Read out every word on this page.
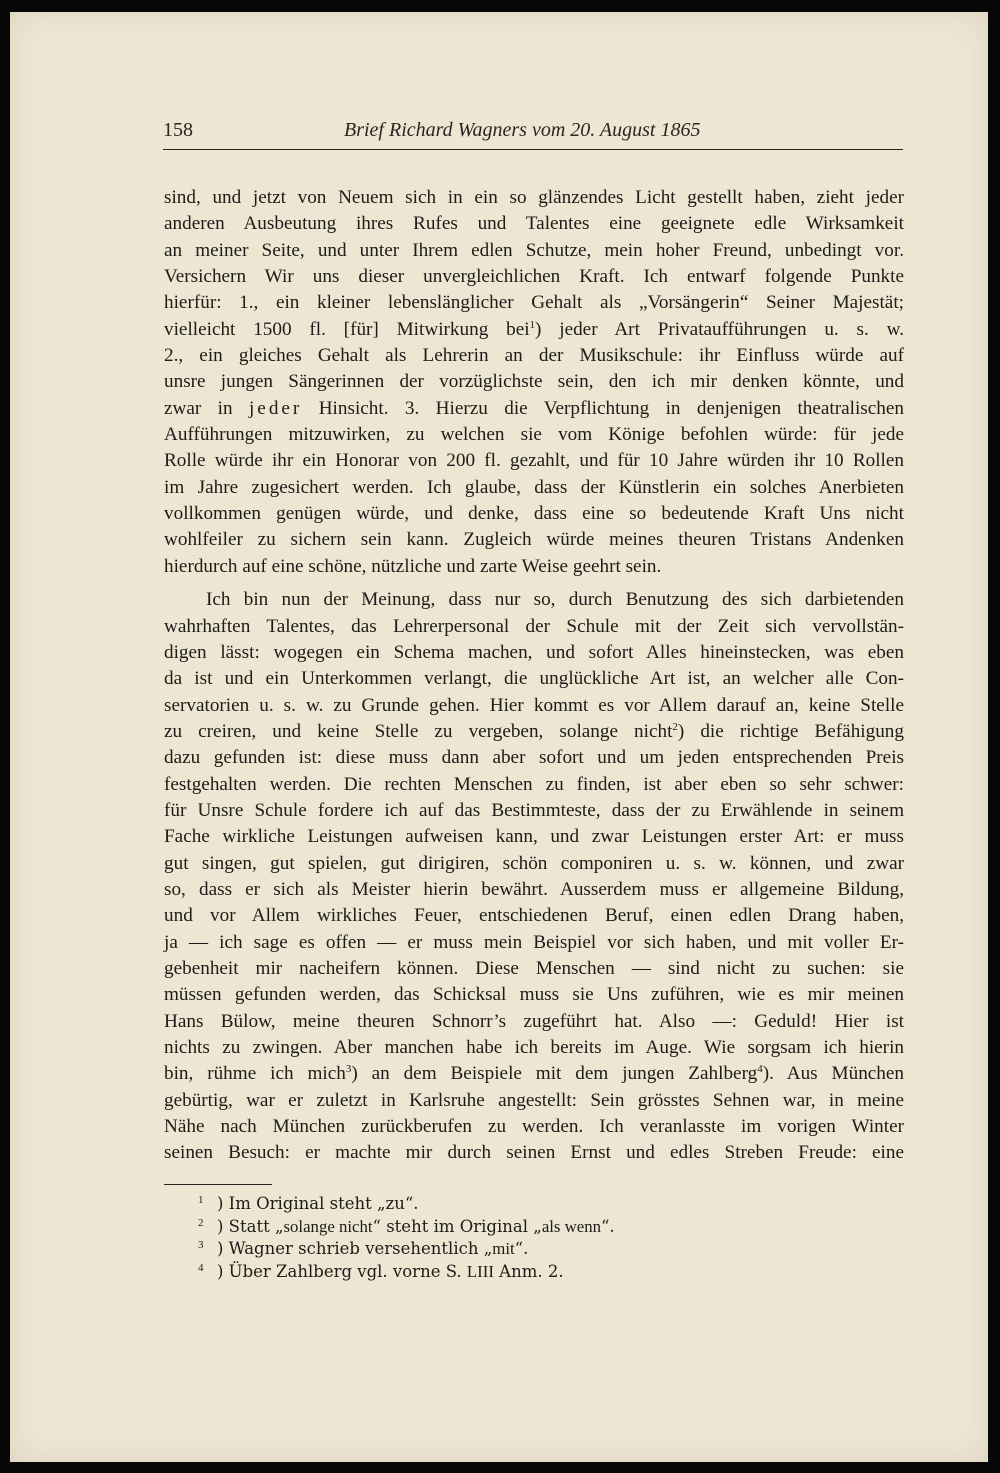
158	Brief Richard Wagners vom 20. August 1865
sind, und jetzt von Neuem sich in ein so glänzendes Licht gestellt haben, zieht jeder
anderen Ausbeutung ihres Rufes und Talentes eine geeignete edle Wirksamkeit
an meiner Seite, und unter Ihrem edlen Schutze, mein hoher Freund, unbedingt vor.
Versichern Wir uns dieser unvergleichlichen Kraft. Ich entwarf folgende Punkte
hierfür: 1., ein kleiner lebenslänglicher Gehalt als „Vorsängerin“ Seiner Majestät;
vielleicht 1500 fl. [für] Mitwirkung bei$^1$) jeder Art Privataufführungen u. s. w.
2., ein gleiches Gehalt als Lehrerin an der Musikschule: ihr Einfluss würde auf
unsre jungen Sängerinnen der vorzüglichste sein, den ich mir denken könnte, und
zwar in jeder Hinsicht. 3. Hierzu die Verpflichtung in denjenigen theatralischen
Aufführungen mitzuwirken, zu welchen sie vom Könige befohlen würde: für jede
Rolle würde ihr ein Honorar von 200 fl. gezahlt, und für 10 Jahre würden ihr 10 Rollen
im Jahre zugesichert werden. Ich glaube, dass der Künstlerin ein solches Anerbieten
vollkommen genügen würde, und denke, dass eine so bedeutende Kraft Uns nicht
wohlfeiler zu sichern sein kann. Zugleich würde meines theuren Tristans Andenken
hierdurch auf eine schöne, nützliche und zarte Weise geehrt sein.
Ich bin nun der Meinung, dass nur so, durch Benutzung des sich darbietenden
wahrhaften Talentes, das Lehrerpersonal der Schule mit der Zeit sich vervollstän-
digen lässt: wogegen ein Schema machen, und sofort Alles hineinstecken, was eben
da ist und ein Unterkommen verlangt, die unglückliche Art ist, an welcher alle Con-
servatorien u. s. w. zu Grunde gehen. Hier kommt es vor Allem darauf an, keine Stelle
zu creiren, und keine Stelle zu vergeben, solange nicht$^2$) die richtige Befähigung
dazu gefunden ist: diese muss dann aber sofort und um jeden entsprechenden Preis
festgehalten werden. Die rechten Menschen zu finden, ist aber eben so sehr schwer:
für Unsre Schule fordere ich auf das Bestimmteste, dass der zu Erwählende in seinem
Fache wirkliche Leistungen aufweisen kann, und zwar Leistungen erster Art: er muss
gut singen, gut spielen, gut dirigiren, schön componiren u. s. w. können, und zwar
so, dass er sich als Meister hierin bewährt. Ausserdem muss er allgemeine Bildung,
und vor Allem wirkliches Feuer, entschiedenen Beruf, einen edlen Drang haben,
ja — ich sage es offen — er muss mein Beispiel vor sich haben, und mit voller Er-
gebenheit mir nacheifern können. Diese Menschen — sind nicht zu suchen: sie
müssen gefunden werden, das Schicksal muss sie Uns zuführen, wie es mir meinen
Hans Bülow, meine theuren Schnorr’s zugeführt hat. Also —: Geduld! Hier ist
nichts zu zwingen. Aber manchen habe ich bereits im Auge. Wie sorgsam ich hierin
bin, rühme ich mich$^3$) an dem Beispiele mit dem jungen Zahlberg$^4$). Aus München
gebürtig, war er zuletzt in Karlsruhe angestellt: Sein grösstes Sehnen war, in meine
Nähe nach München zurückberufen zu werden. Ich veranlasste im vorigen Winter
seinen Besuch: er machte mir durch seinen Ernst und edles Streben Freude: eine
1 ) Im Original steht „zu“.
2 ) Statt „solange nicht“ steht im Original „als wenn“.
3 ) Wagner schrieb versehentlich „mit“.
4 ) Über Zahlberg vgl. vorne S. LIII Anm. 2.
